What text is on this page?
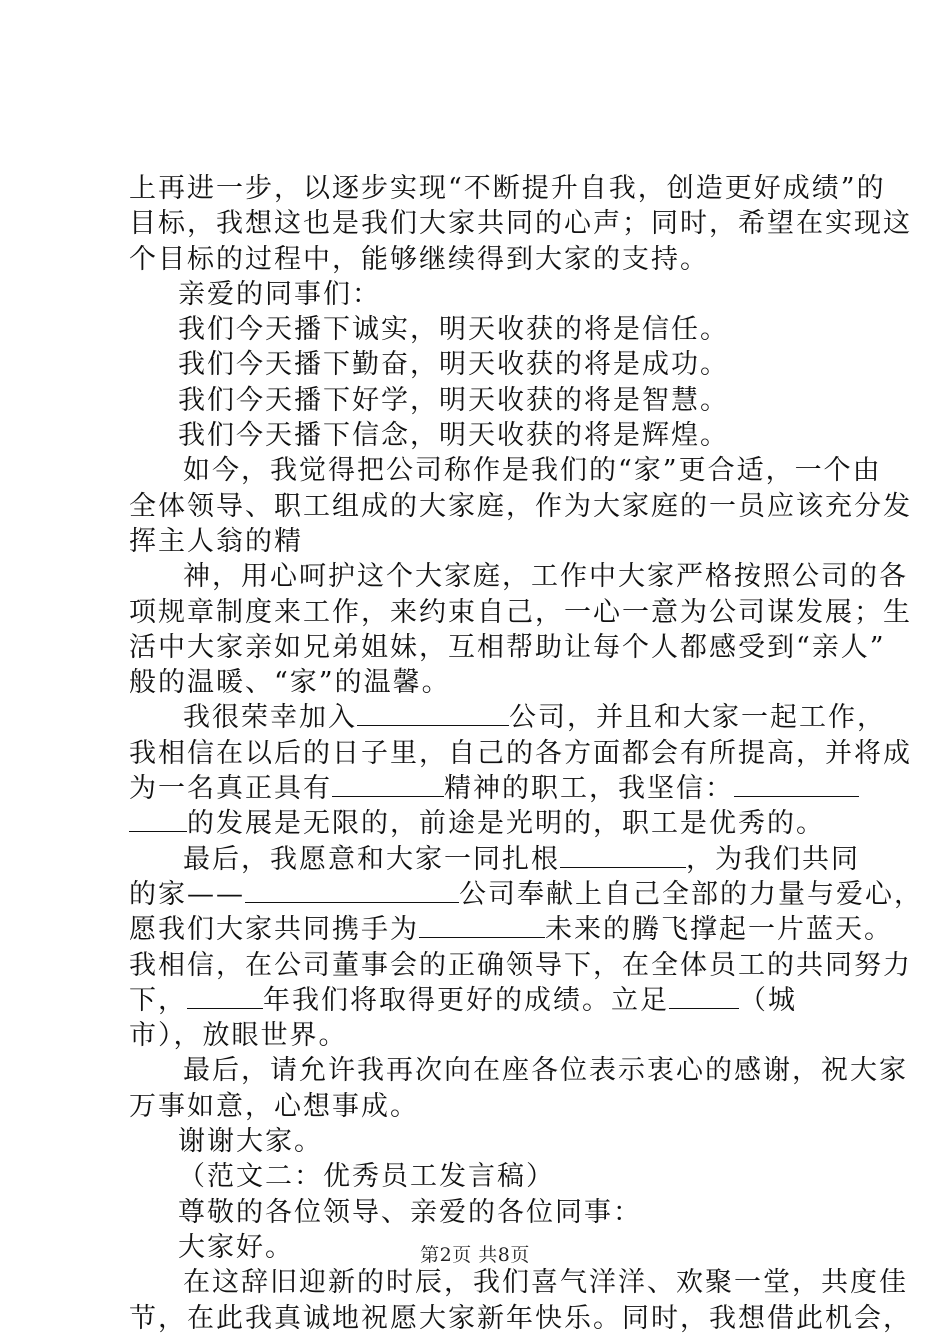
上再进一步，以逐步实现“不断提升自我，创造更好成绩”的
目标，我想这也是我们大家共同的心声；同时，希望在实现这
个目标的过程中，能够继续得到大家的支持。
亲爱的同事们：
我们今天播下诚实，明天收获的将是信任。
我们今天播下勤奋，明天收获的将是成功。
我们今天播下好学，明天收获的将是智慧。
我们今天播下信念，明天收获的将是辉煌。
如今，我觉得把公司称作是我们的“家”更合适，一个由
全体领导、职工组成的大家庭，作为大家庭的一员应该充分发
挥主人翁的精
神，用心呵护这个大家庭，工作中大家严格按照公司的各
项规章制度来工作，来约束自己，一心一意为公司谋发展；生
活中大家亲如兄弟姐妹，互相帮助让每个人都感受到“亲人”
般的温暖、“家”的温馨。
我很荣幸加入	公司，并且和大家一起工作，
我相信在以后的日子里，自己的各方面都会有所提高，并将成
为一名真正具有	精神的职工，我坚信：
的发展是无限的，前途是光明的，职工是优秀的。
最后，我愿意和大家一同扎根	，为我们共同
的家——	公司奉献上自己全部的力量与爱心，
愿我们大家共同携手为	未来的腾飞撑起一片蓝天。
我相信，在公司董事会的正确领导下，在全体员工的共同努力
下，	年我们将取得更好的成绩。立足	（城
市），放眼世界。
最后，请允许我再次向在座各位表示衷心的感谢，祝大家
万事如意，心想事成。
谢谢大家。
（范文二：优秀员工发言稿）
尊敬的各位领导、亲爱的各位同事：
大家好。
在这辞旧迎新的时辰，我们喜气洋洋、欢聚一堂，共度佳
节，在此我真诚地祝愿大家新年快乐。同时，我想借此机会，
第2页 共8页
